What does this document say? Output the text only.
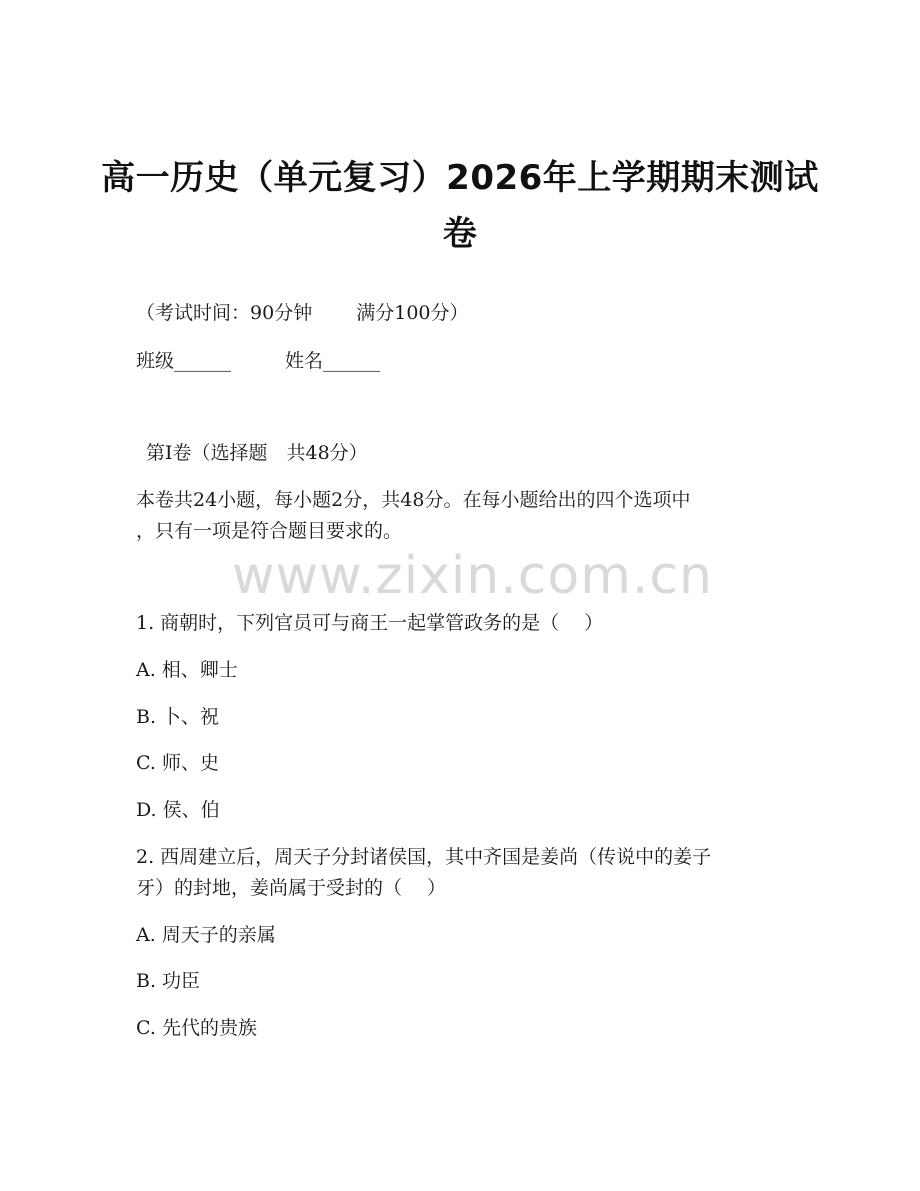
高一历史（单元复习）2026年上学期期末测试卷
（考试时间：90分钟 满分100分）
班级______	姓名______
第Ⅰ卷（选择题　共48分）
本卷共24小题，每小题2分，共48分。在每小题给出的四个选项中
，只有一项是符合题目要求的。
www.zixin.com.cn
1. 商朝时，下列官员可与商王一起掌管政务的是（　 ）
A. 相、卿士
B. 卜、祝
C. 师、史
D. 侯、伯
2. 西周建立后，周天子分封诸侯国，其中齐国是姜尚（传说中的姜子
牙）的封地，姜尚属于受封的（　 ）
A. 周天子的亲属
B. 功臣
C. 先代的贵族
